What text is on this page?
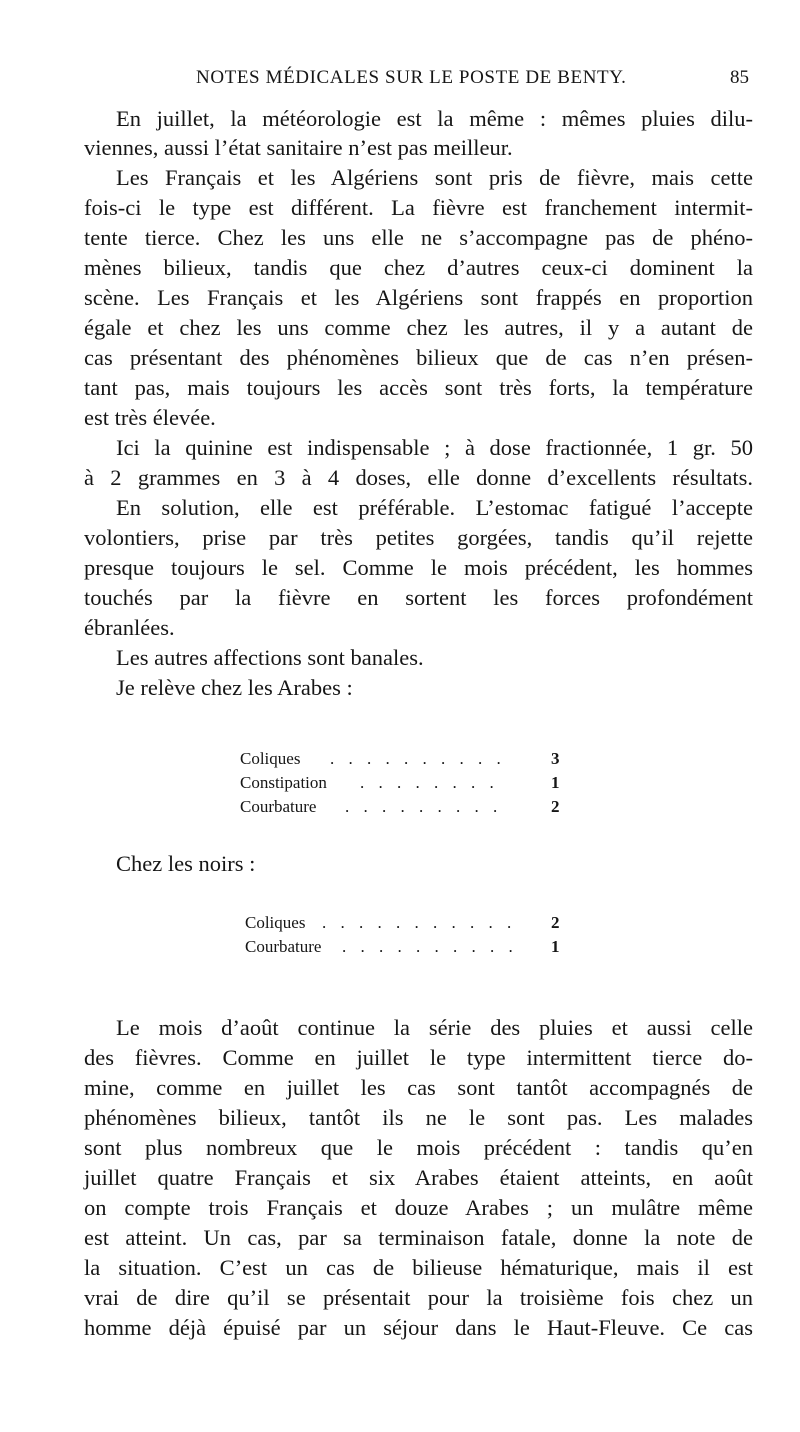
NOTES MÉDICALES SUR LE POSTE DE BENTY.	85
En juillet, la météorologie est la même : mêmes pluies dilu-
viennes, aussi l’état sanitaire n’est pas meilleur.
Les Français et les Algériens sont pris de fièvre, mais cette
fois-ci le type est différent. La fièvre est franchement intermit-
tente tierce. Chez les uns elle ne s’accompagne pas de phéno-
mènes bilieux, tandis que chez d’autres ceux-ci dominent la
scène. Les Français et les Algériens sont frappés en proportion
égale et chez les uns comme chez les autres, il y a autant de
cas présentant des phénomènes bilieux que de cas n’en présen-
tant pas, mais toujours les accès sont très forts, la température
est très élevée.
Ici la quinine est indispensable ; à dose fractionnée, 1 gr. 50
à 2 grammes en 3 à 4 doses, elle donne d’excellents résultats.
En solution, elle est préférable. L’estomac fatigué l’accepte
volontiers, prise par très petites gorgées, tandis qu’il rejette
presque toujours le sel. Comme le mois précédent, les hommes
touchés par la fièvre en sortent les forces profondément
ébranlées.
Les autres affections sont banales.
Je relève chez les Arabes :
Coliques . . . . . . . . . .	3
Constipation . . . . . . . .	1
Courbature . . . . . . . . .	2
Chez les noirs :
Coliques . . . . . . . . . . . 2
Courbature . . . . . . . . . . 1
Le mois d’août continue la série des pluies et aussi celle
des fièvres. Comme en juillet le type intermittent tierce do-
mine, comme en juillet les cas sont tantôt accompagnés de
phénomènes bilieux, tantôt ils ne le sont pas. Les malades
sont plus nombreux que le mois précédent : tandis qu’en
juillet quatre Français et six Arabes étaient atteints, en août
on compte trois Français et douze Arabes ; un mulâtre même
est atteint. Un cas, par sa terminaison fatale, donne la note de
la situation. C’est un cas de bilieuse hématurique, mais il est
vrai de dire qu’il se présentait pour la troisième fois chez un
homme déjà épuisé par un séjour dans le Haut-Fleuve. Ce cas
